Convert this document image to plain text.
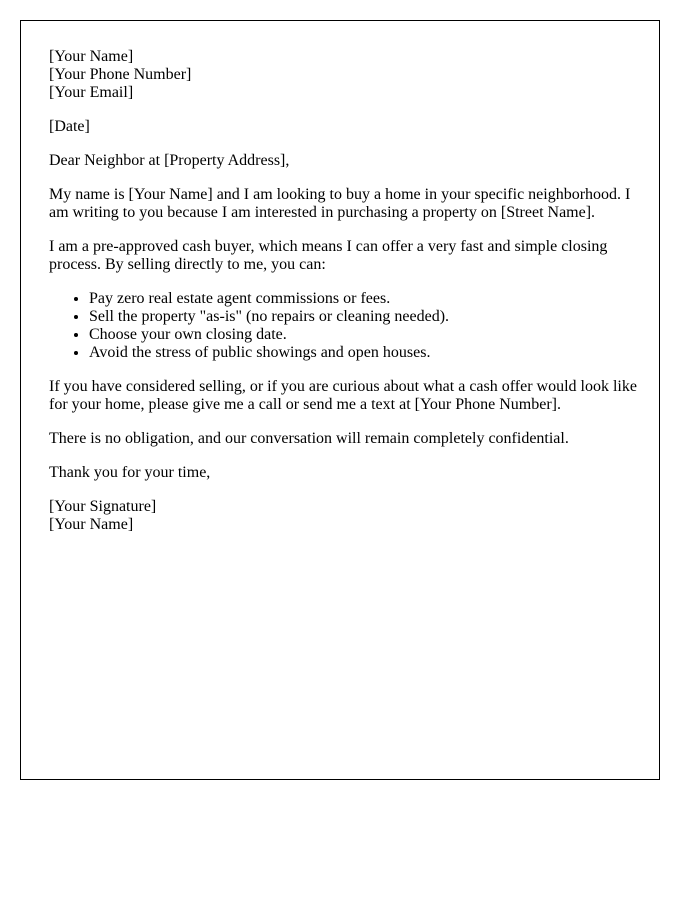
[Your Name]
[Your Phone Number]
[Your Email]
[Date]
Dear Neighbor at [Property Address],

My name is [Your Name] and I am looking to buy a home in your specific neighborhood. I am writing to you because I am interested in purchasing a property on [Street Name].

I am a pre-approved cash buyer, which means I can offer a very fast and simple closing process. By selling directly to me, you can:

• Pay zero real estate agent commissions or fees.
• Sell the property "as-is" (no repairs or cleaning needed).
• Choose your own closing date.
• Avoid the stress of public showings and open houses.

If you have considered selling, or if you are curious about what a cash offer would look like for your home, please give me a call or send me a text at [Your Phone Number].

There is no obligation, and our conversation will remain completely confidential.

Thank you for your time,
[Your Signature]
[Your Name]
